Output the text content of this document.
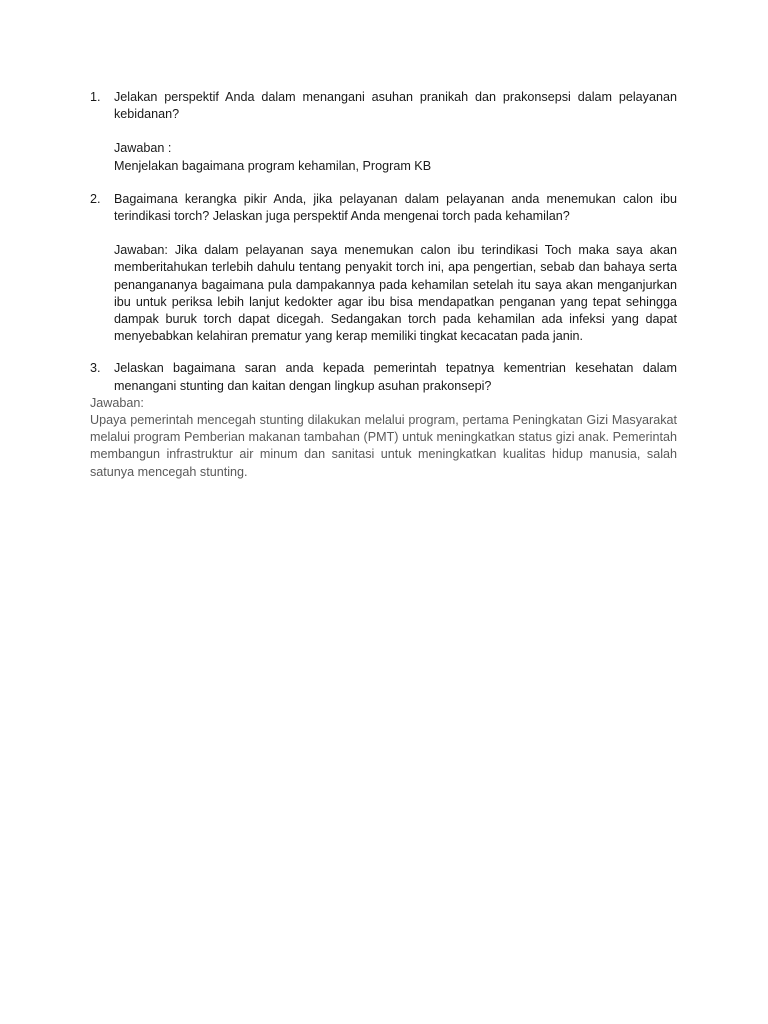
1.	Jelakan perspektif Anda dalam menangani asuhan pranikah dan prakonsepsi dalam pelayanan kebidanan?

Jawaban :

Menjelakan bagaimana program kehamilan, Program KB

2.	Bagaimana kerangka pikir Anda, jika pelayanan dalam pelayanan anda menemukan calon ibu terindikasi torch? Jelaskan juga perspektif Anda mengenai torch pada kehamilan?

Jawaban: Jika dalam pelayanan saya menemukan calon ibu terindikasi Toch maka saya akan memberitahukan terlebih dahulu tentang penyakit torch ini, apa pengertian, sebab dan bahaya serta penangananya bagaimana pula dampakannya pada kehamilan setelah itu saya akan menganjurkan ibu untuk periksa lebih lanjut kedokter agar ibu bisa mendapatkan penganan yang tepat sehingga dampak buruk torch dapat dicegah. Sedangakan torch pada kehamilan ada infeksi yang dapat menyebabkan kelahiran prematur yang kerap memiliki tingkat kecacatan pada janin.

3.	Jelaskan bagaimana saran anda kepada pemerintah tepatnya kementrian kesehatan dalam menangani stunting dan kaitan dengan lingkup asuhan prakonsepi?

Jawaban:

Upaya pemerintah mencegah stunting dilakukan melalui program, pertama Peningkatan Gizi Masyarakat melalui program Pemberian makanan tambahan (PMT) untuk meningkatkan status gizi anak. Pemerintah membangun infrastruktur air minum dan sanitasi untuk meningkatkan kualitas hidup manusia, salah satunya mencegah stunting.
